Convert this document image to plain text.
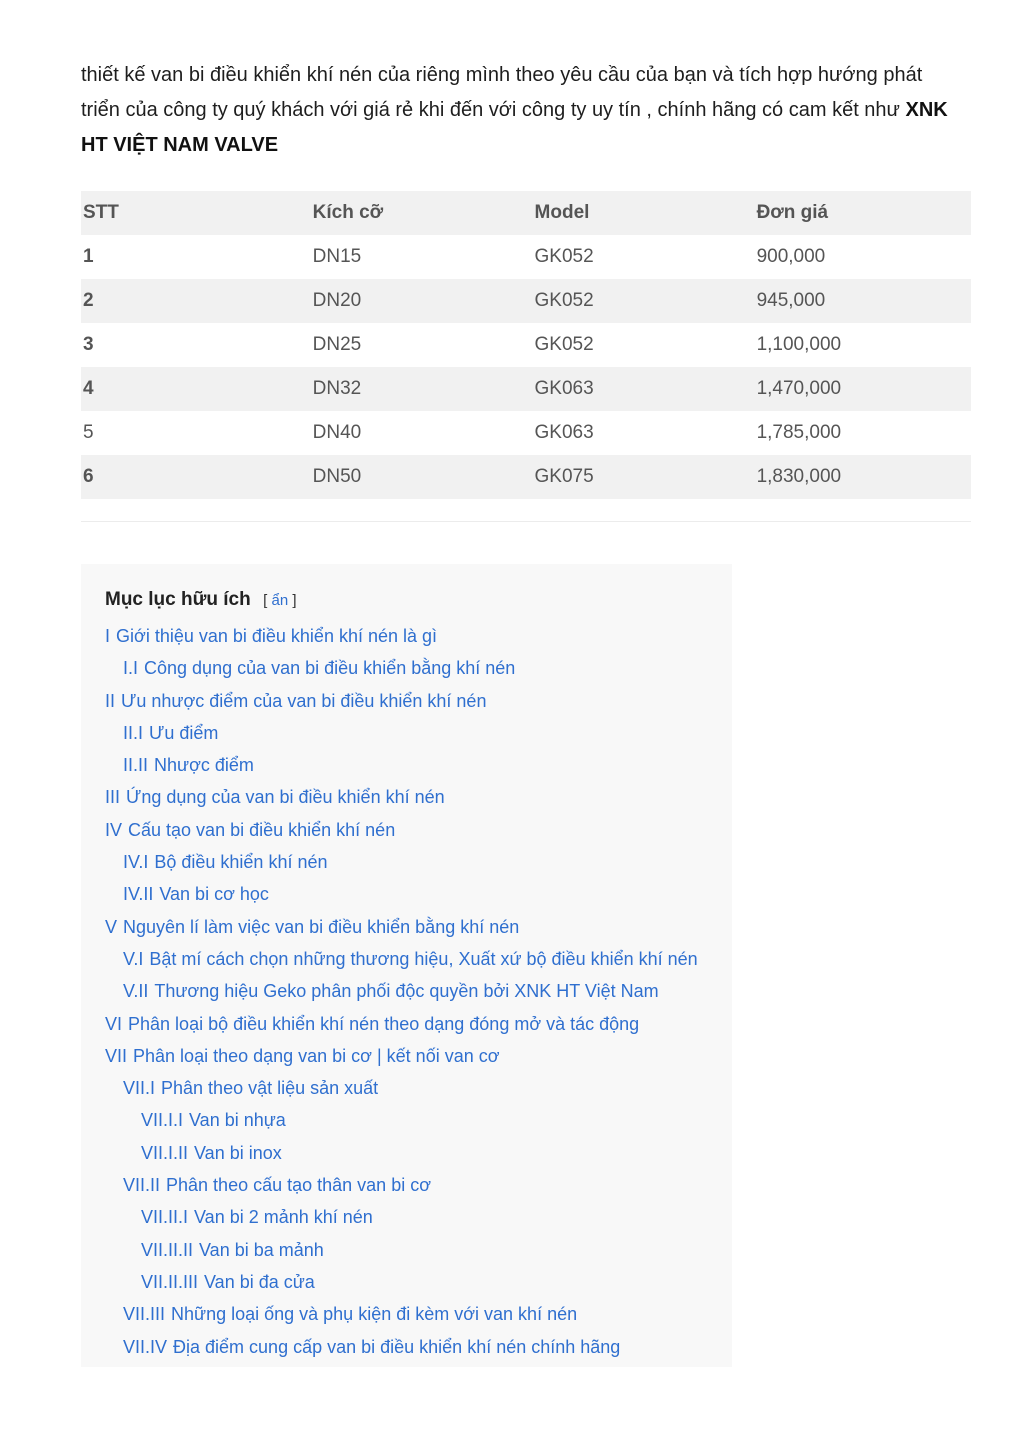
thiết kế van bi điều khiển khí nén của riêng mình theo yêu cầu của bạn và tích hợp hướng phát triển của công ty quý khách với giá rẻ khi đến với công ty uy tín , chính hãng có cam kết như XNK HT VIỆT NAM VALVE

STT	Kích cỡ	Model	Đơn giá
1	DN15	GK052	900,000
2	DN20	GK052	945,000
3	DN25	GK052	1,100,000
4	DN32	GK063	1,470,000
5	DN40	GK063	1,785,000
6	DN50	GK075	1,830,000
Mục lục hữu ích [ ẩn ]
I Giới thiệu van bi điều khiển khí nén là gì
I.I Công dụng của van bi điều khiển bằng khí nén
II Ưu nhược điểm của van bi điều khiển khí nén
II.I Ưu điểm
II.II Nhược điểm
III Ứng dụng của van bi điều khiển khí nén
IV Cấu tạo van bi điều khiển khí nén
IV.I Bộ điều khiển khí nén
IV.II Van bi cơ học
V Nguyên lí làm việc van bi điều khiển bằng khí nén
V.I Bật mí cách chọn những thương hiệu, Xuất xứ bộ điều khiển khí nén
V.II Thương hiệu Geko phân phối độc quyền bởi XNK HT Việt Nam
VI Phân loại bộ điều khiển khí nén theo dạng đóng mở và tác động
VII Phân loại theo dạng van bi cơ | kết nối van cơ
VII.I Phân theo vật liệu sản xuất
VII.I.I Van bi nhựa
VII.I.II Van bi inox
VII.II Phân theo cấu tạo thân van bi cơ
VII.II.I Van bi 2 mảnh khí nén
VII.II.II Van bi ba mảnh
VII.II.III Van bi đa cửa
VII.III Những loại ống và phụ kiện đi kèm với van khí nén
VII.IV Địa điểm cung cấp van bi điều khiển khí nén chính hãng
